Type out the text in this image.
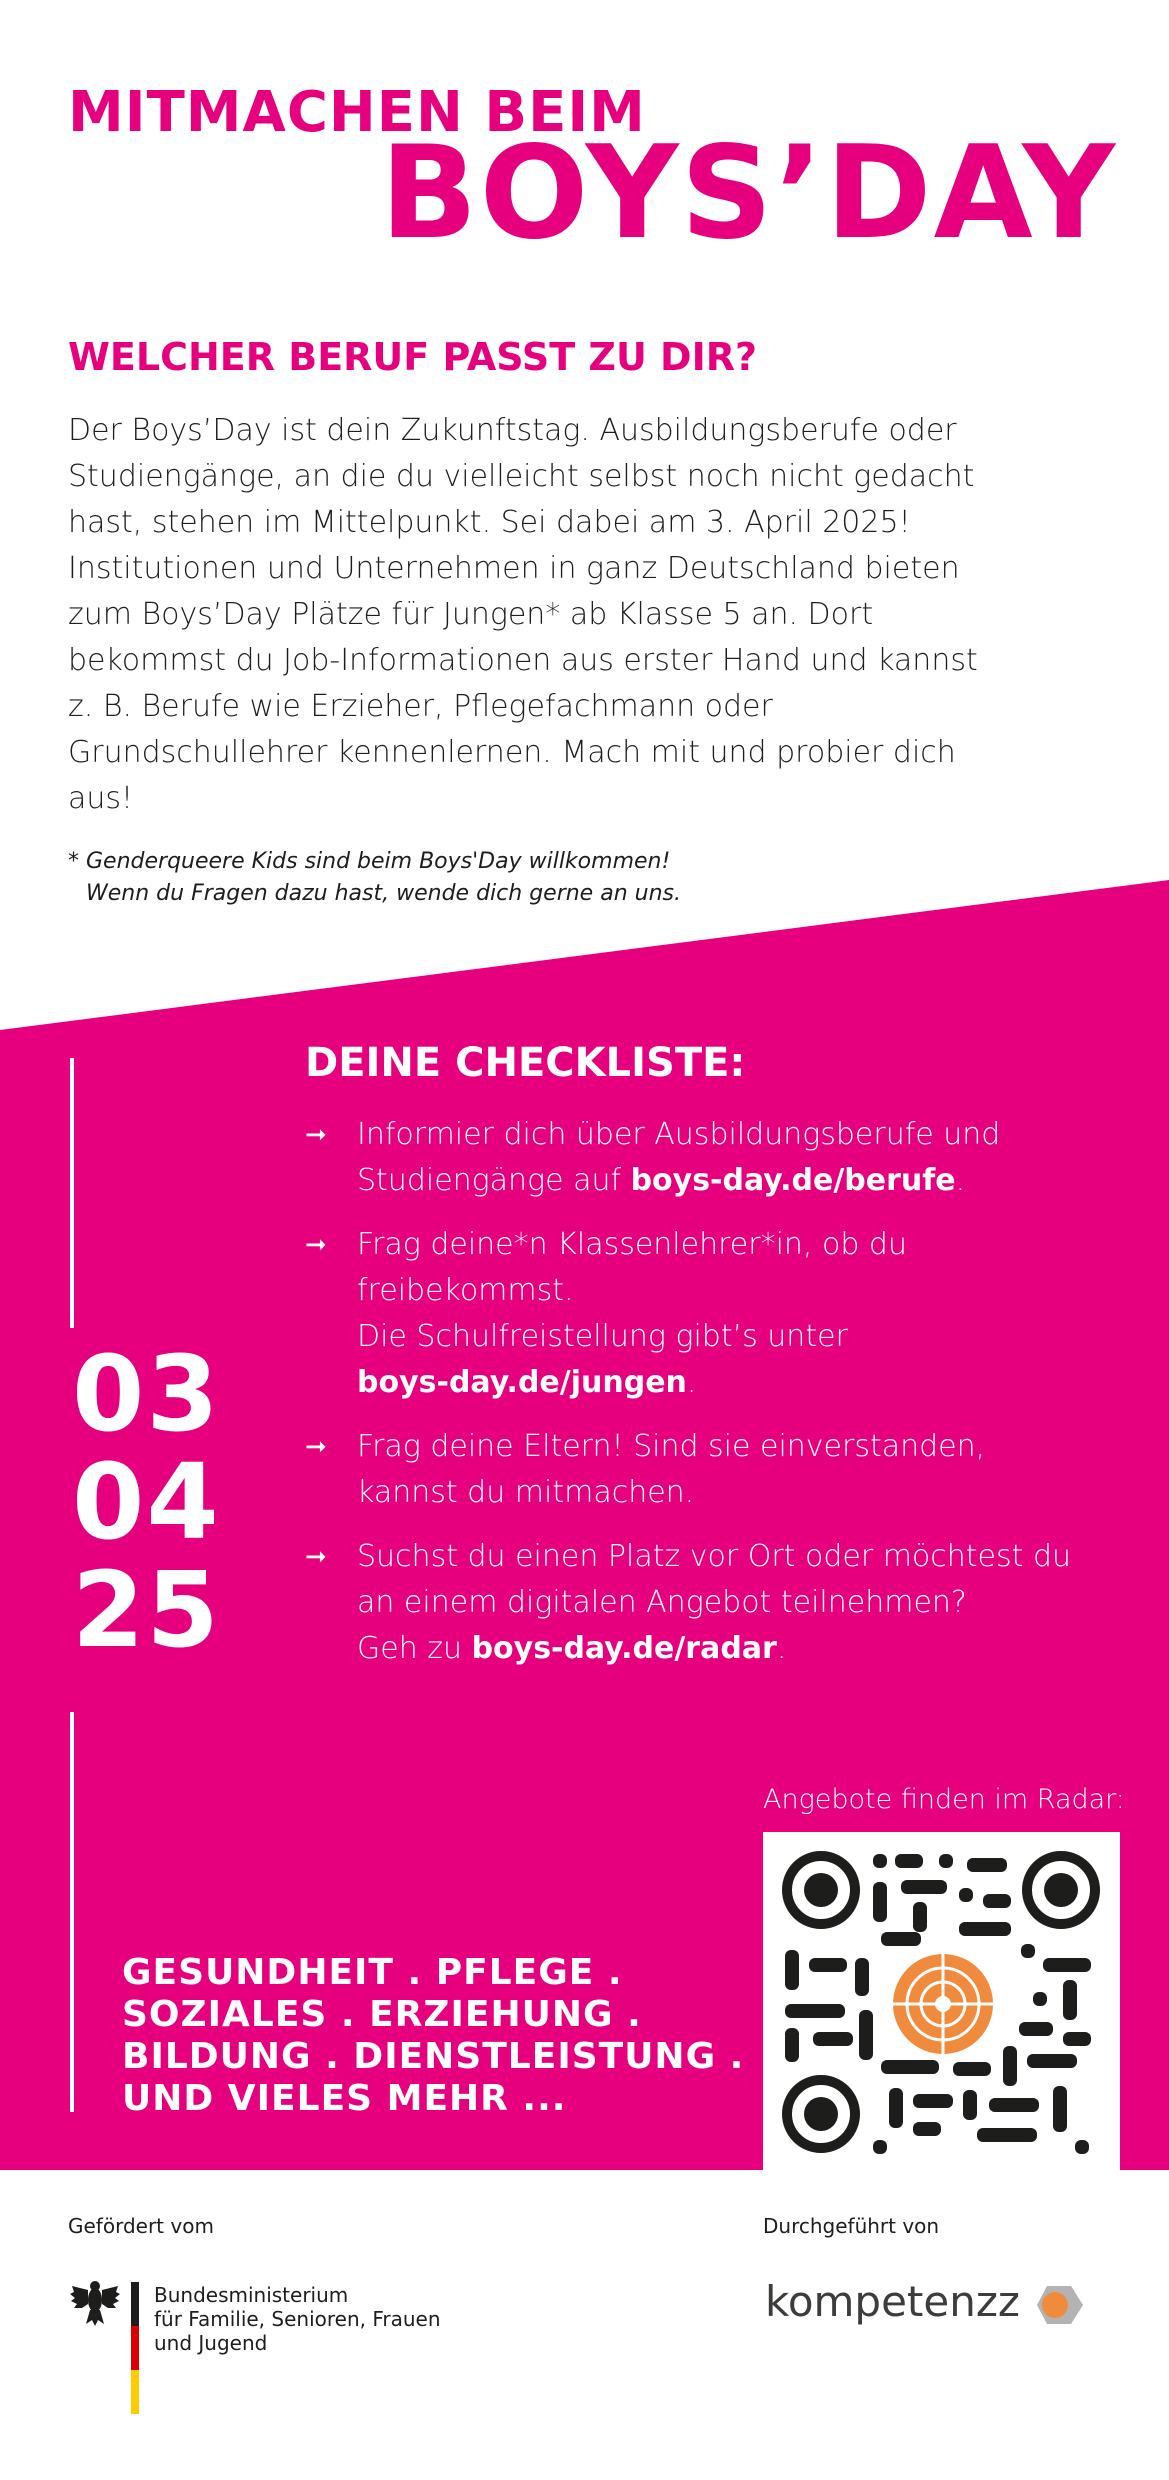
MITMACHEN BEIM
BOYS’DAY
WELCHER BERUF PASST ZU DIR?
Der Boys’Day ist dein Zukunftstag. Ausbildungsberufe oder Studiengänge, an die du vielleicht selbst noch nicht gedacht hast, stehen im Mittelpunkt. Sei dabei am 3. April 2025! Institutionen und Unternehmen in ganz Deutschland bieten zum Boys’Day Plätze für Jungen* ab Klasse 5 an. Dort bekommst du Job-Informationen aus erster Hand und kannst z. B. Berufe wie Erzieher, Pflegefachmann oder Grundschullehrer kennenlernen. Mach mit und probier dich aus!
* Genderqueere Kids sind beim Boys'Day willkommen!
Wenn du Fragen dazu hast, wende dich gerne an uns.
03
04
25
DEINE CHECKLISTE:
➞ Informier dich über Ausbildungsberufe und Studiengänge auf boys-day.de/berufe.
➞ Frag deine*n Klassenlehrer*in, ob du freibekommst.
Die Schulfreistellung gibt’s unter
boys-day.de/jungen.
➞ Frag deine Eltern! Sind sie einverstanden, kannst du mitmachen.
➞ Suchst du einen Platz vor Ort oder möchtest du an einem digitalen Angebot teilnehmen?
Geh zu boys-day.de/radar.
GESUNDHEIT . PFLEGE .
SOZIALES . ERZIEHUNG .
BILDUNG . DIENSTLEISTUNG .
UND VIELES MEHR ...
Angebote finden im Radar:
Gefördert vom	Durchgeführt von
Bundesministerium
für Familie, Senioren, Frauen
und Jugend
kompetenzz
